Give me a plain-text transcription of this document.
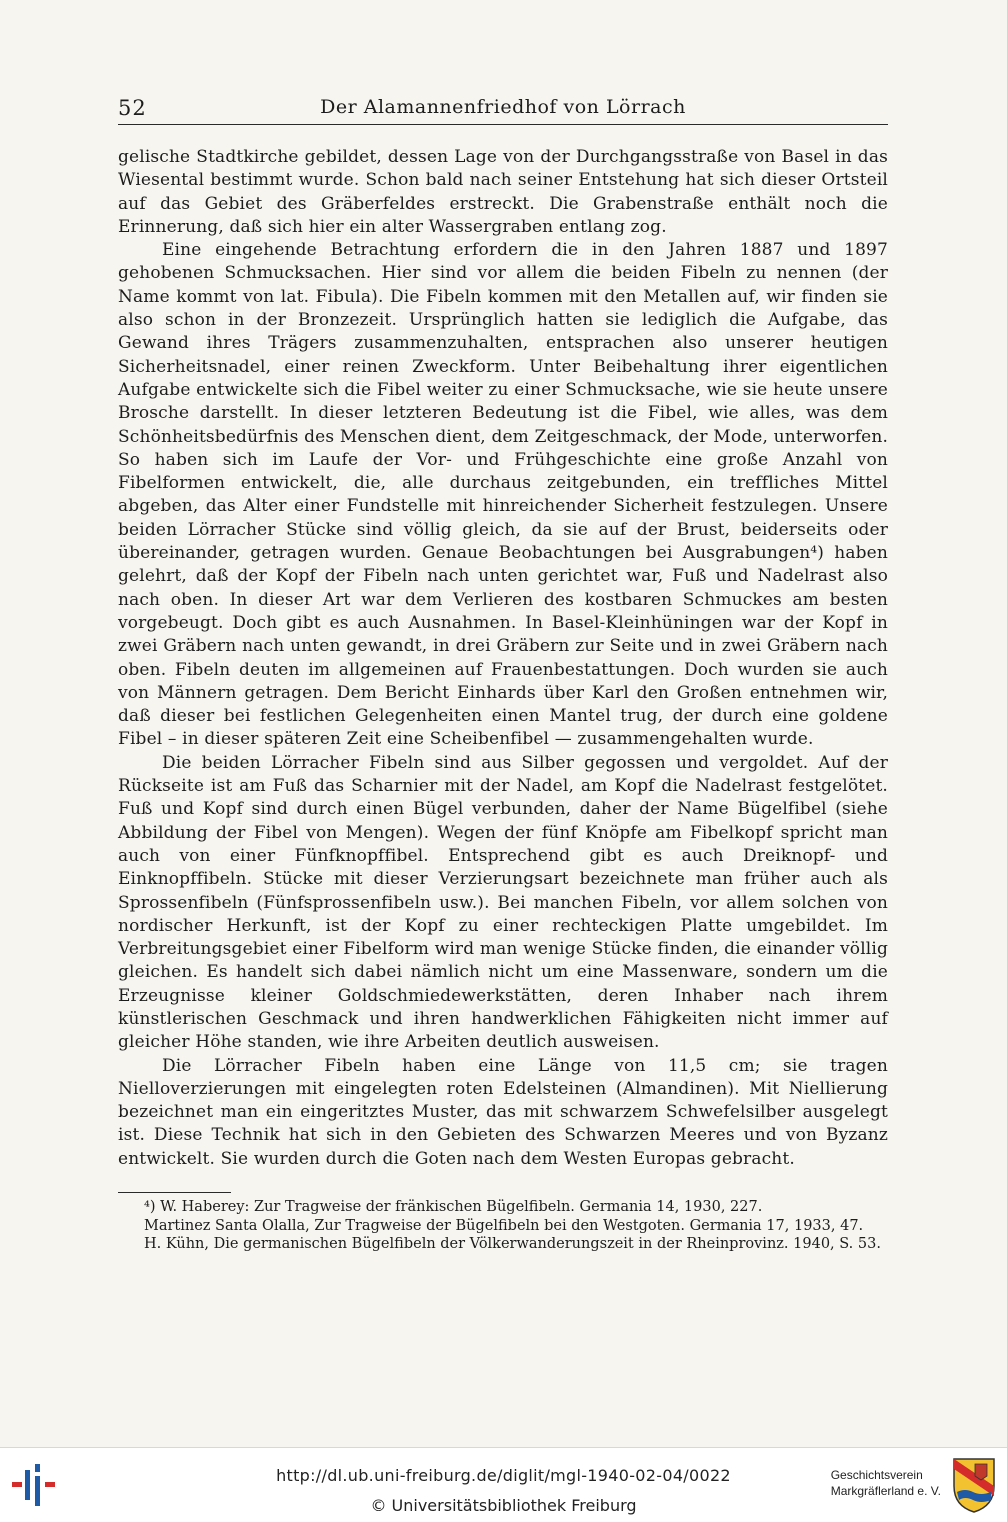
52	Der Alamannenfriedhof von Lörrach

gelische Stadtkirche gebildet, dessen Lage von der Durchgangsstraße von Basel in das Wiesental bestimmt wurde. Schon bald nach seiner Entstehung hat sich dieser Ortsteil auf das Gebiet des Gräberfeldes erstreckt. Die Grabenstraße enthält noch die Erinnerung, daß sich hier ein alter Wassergraben entlang zog.

Eine eingehende Betrachtung erfordern die in den Jahren 1887 und 1897 gehobenen Schmucksachen. Hier sind vor allem die beiden Fibeln zu nennen (der Name kommt von lat. Fibula). Die Fibeln kommen mit den Metallen auf, wir finden sie also schon in der Bronzezeit. Ursprünglich hatten sie lediglich die Aufgabe, das Gewand ihres Trägers zusammenzuhalten, entsprachen also unserer heutigen Sicherheitsnadel, einer reinen Zweckform. Unter Beibehaltung ihrer eigentlichen Aufgabe entwickelte sich die Fibel weiter zu einer Schmucksache, wie sie heute unsere Brosche darstellt. In dieser letzteren Bedeutung ist die Fibel, wie alles, was dem Schönheitsbedürfnis des Menschen dient, dem Zeitgeschmack, der Mode, unterworfen. So haben sich im Laufe der Vor- und Frühgeschichte eine große Anzahl von Fibelformen entwickelt, die, alle durchaus zeitgebunden, ein treffliches Mittel abgeben, das Alter einer Fundstelle mit hinreichender Sicherheit festzulegen. Unsere beiden Lörracher Stücke sind völlig gleich, da sie auf der Brust, beiderseits oder übereinander, getragen wurden. Genaue Beobachtungen bei Ausgrabungen⁴) haben gelehrt, daß der Kopf der Fibeln nach unten gerichtet war, Fuß und Nadelrast also nach oben. In dieser Art war dem Verlieren des kostbaren Schmuckes am besten vorgebeugt. Doch gibt es auch Ausnahmen. In Basel-Kleinhüningen war der Kopf in zwei Gräbern nach unten gewandt, in drei Gräbern zur Seite und in zwei Gräbern nach oben. Fibeln deuten im allgemeinen auf Frauenbestattungen. Doch wurden sie auch von Männern getragen. Dem Bericht Einhards über Karl den Großen entnehmen wir, daß dieser bei festlichen Gelegenheiten einen Mantel trug, der durch eine goldene Fibel – in dieser späteren Zeit eine Scheibenfibel — zusammengehalten wurde.

Die beiden Lörracher Fibeln sind aus Silber gegossen und vergoldet. Auf der Rückseite ist am Fuß das Scharnier mit der Nadel, am Kopf die Nadelrast festgelötet. Fuß und Kopf sind durch einen Bügel verbunden, daher der Name Bügelfibel (siehe Abbildung der Fibel von Mengen). Wegen der fünf Knöpfe am Fibelkopf spricht man auch von einer Fünfknopffibel. Entsprechend gibt es auch Dreiknopf- und Einknopffibeln. Stücke mit dieser Verzierungsart bezeichnete man früher auch als Sprossenfibeln (Fünfsprossenfibeln usw.). Bei manchen Fibeln, vor allem solchen von nordischer Herkunft, ist der Kopf zu einer rechteckigen Platte umgebildet. Im Verbreitungsgebiet einer Fibelform wird man wenige Stücke finden, die einander völlig gleichen. Es handelt sich dabei nämlich nicht um eine Massenware, sondern um die Erzeugnisse kleiner Goldschmiedewerkstätten, deren Inhaber nach ihrem künstlerischen Geschmack und ihren handwerklichen Fähigkeiten nicht immer auf gleicher Höhe standen, wie ihre Arbeiten deutlich ausweisen.

Die Lörracher Fibeln haben eine Länge von 11,5 cm; sie tragen Nielloverzierungen mit eingelegten roten Edelsteinen (Almandinen). Mit Niellierung bezeichnet man ein eingeritztes Muster, das mit schwarzem Schwefelsilber ausgelegt ist. Diese Technik hat sich in den Gebieten des Schwarzen Meeres und von Byzanz entwickelt. Sie wurden durch die Goten nach dem Westen Europas gebracht.

⁴) W. Haberey: Zur Tragweise der fränkischen Bügelfibeln. Germania 14, 1930, 227.

Martinez Santa Olalla, Zur Tragweise der Bügelfibeln bei den Westgoten. Germania 17, 1933, 47.

H. Kühn, Die germanischen Bügelfibeln der Völkerwanderungszeit in der Rheinprovinz. 1940, S. 53.

http://dl.ub.uni-freiburg.de/diglit/mgl-1940-02-04/0022
© Universitätsbibliothek Freiburg
Geschichtsverein
Markgräflerland e. V.
